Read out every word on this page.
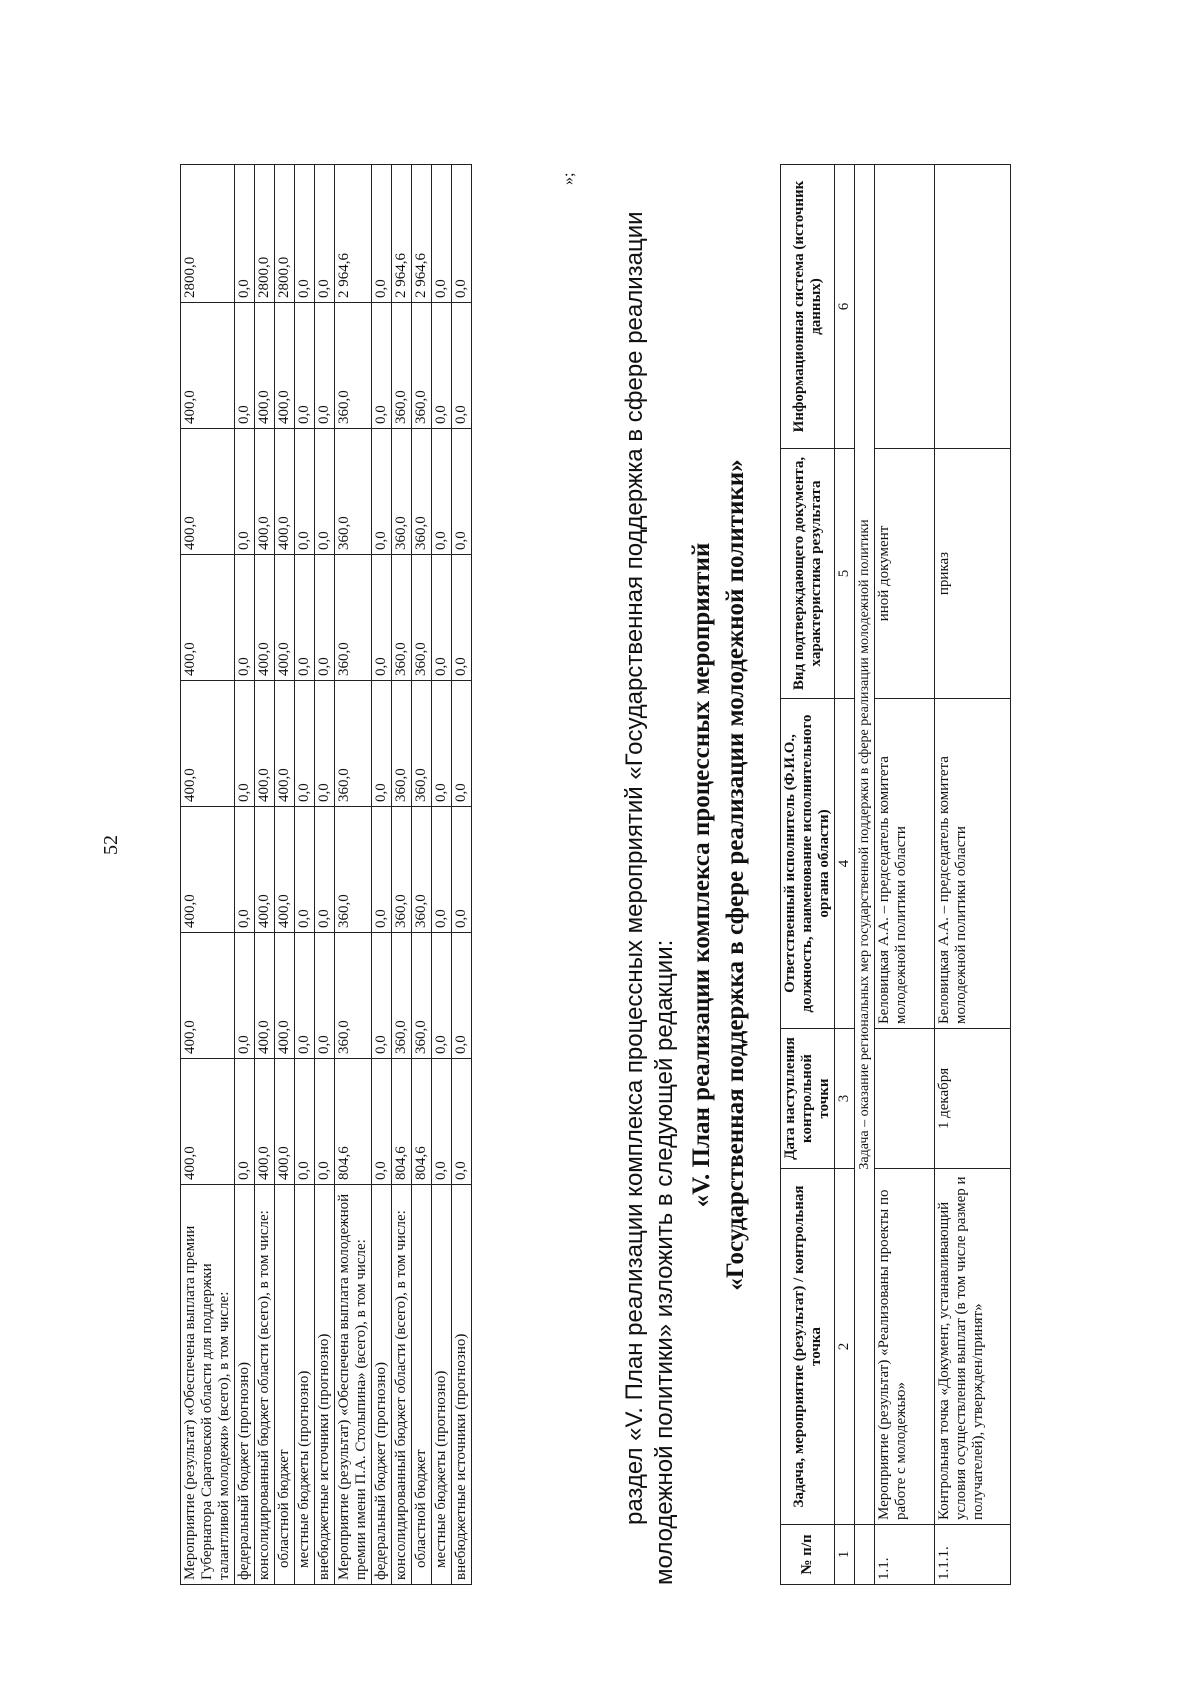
52
Мероприятие (результат) «Обеспечена выплата премии Губернатора Саратовской области для поддержки талантливой молодежи» (всего), в том числе:	400,0	400,0	400,0	400,0	400,0	400,0	400,0	2800,0
федеральный бюджет (прогнозно)	0,0	0,0	0,0	0,0	0,0	0,0	0,0	0,0
консолидированный бюджет области (всего), в том числе:	400,0	400,0	400,0	400,0	400,0	400,0	400,0	2800,0
областной бюджет	400,0	400,0	400,0	400,0	400,0	400,0	400,0	2800,0
местные бюджеты (прогнозно)	0,0	0,0	0,0	0,0	0,0	0,0	0,0	0,0
внебюджетные источники (прогнозно)	0,0	0,0	0,0	0,0	0,0	0,0	0,0	0,0
Мероприятие (результат) «Обеспечена выплата молодежной премии имени П.А. Столыпина» (всего), в том числе:	804,6	360,0	360,0	360,0	360,0	360,0	360,0	2 964,6
федеральный бюджет (прогнозно)	0,0	0,0	0,0	0,0	0,0	0,0	0,0	0,0
консолидированный бюджет области (всего), в том числе:	804,6	360,0	360,0	360,0	360,0	360,0	360,0	2 964,6
областной бюджет	804,6	360,0	360,0	360,0	360,0	360,0	360,0	2 964,6
местные бюджеты (прогнозно)	0,0	0,0	0,0	0,0	0,0	0,0	0,0	0,0
внебюджетные источники (прогнозно)	0,0	0,0	0,0	0,0	0,0	0,0	0,0	0,0
»;
раздел «V. План реализации комплекса процессных мероприятий «Государственная поддержка в сфере реализации молодежной политики» изложить в следующей редакции:
«V. План реализации комплекса процессных мероприятий «Государственная поддержка в сфере реализации молодежной политики»
№ п/п	Задача, мероприятие (результат) / контрольная точка	Дата наступления контрольной точки	Ответственный исполнитель (Ф.И.О., должность, наименование исполнительного органа области)	Вид подтверждающего документа, характеристика результата	Информационная система (источник данных)
1	2	3	4	5	6
	Задача – оказание региональных мер государственной поддержки в сфере реализации молодежной политики				
1.1.	Мероприятие (результат) «Реализованы проекты по работе с молодежью»		Беловицкая А.А. – председатель комитета молодежной политики области	иной документ	
1.1.1.	Контрольная точка «Документ, устанавливающий условия осуществления выплат (в том числе размер и получателей), утвержден/принят»	1 декабря	Беловицкая А.А. – председатель комитета молодежной политики области	приказ	
